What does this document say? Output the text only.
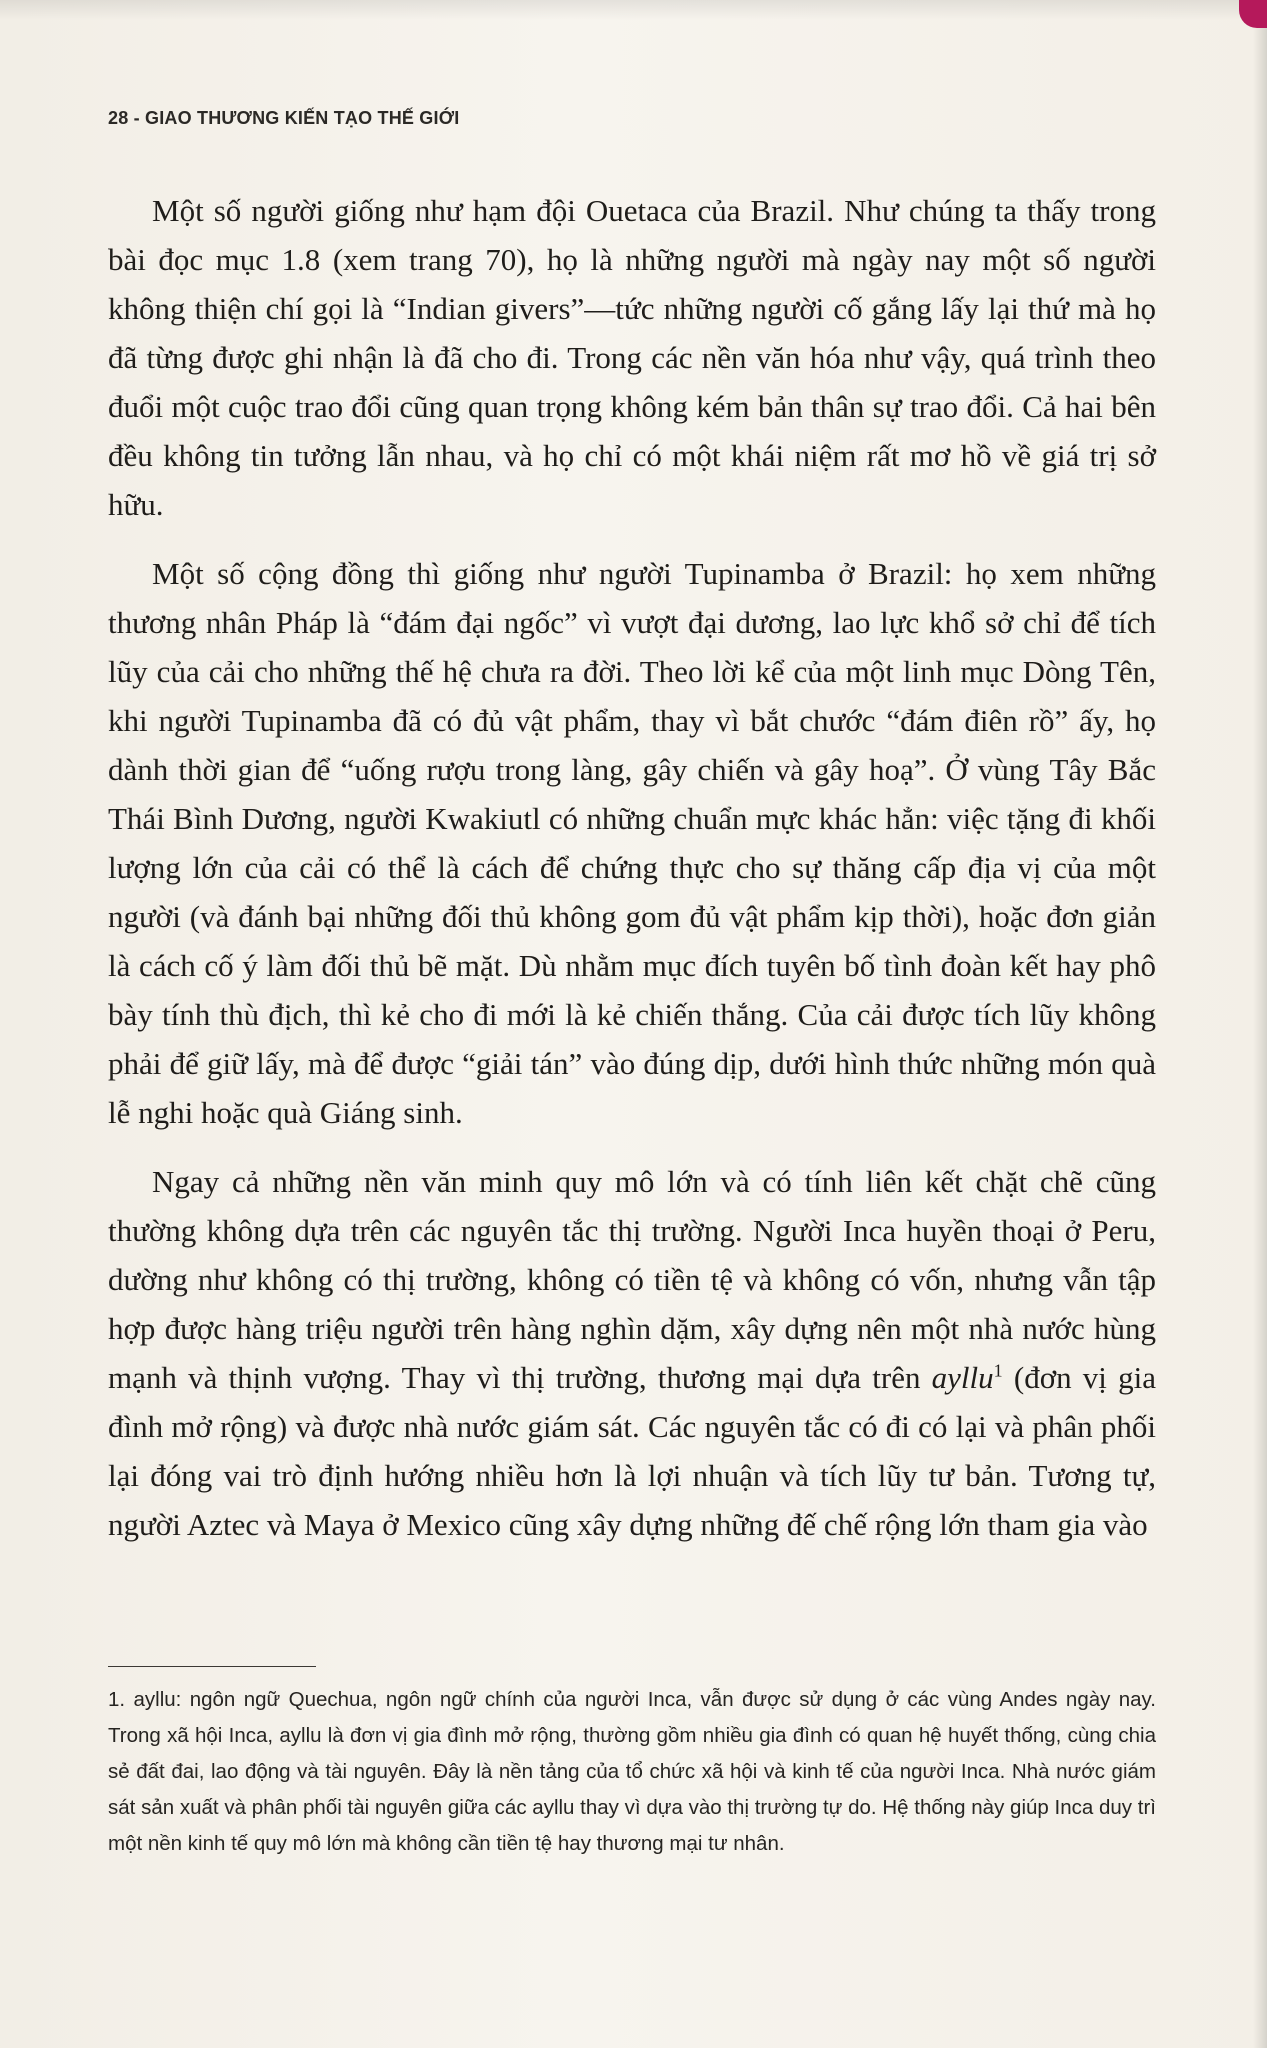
28 - GIAO THƯƠNG KIẾN TẠO THẾ GIỚI

Một số người giống như hạm đội Ouetaca của Brazil. Như chúng ta thấy trong bài đọc mục 1.8 (xem trang 70), họ là những người mà ngày nay một số người không thiện chí gọi là “Indian givers”—tức những người cố gắng lấy lại thứ mà họ đã từng được ghi nhận là đã cho đi. Trong các nền văn hóa như vậy, quá trình theo đuổi một cuộc trao đổi cũng quan trọng không kém bản thân sự trao đổi. Cả hai bên đều không tin tưởng lẫn nhau, và họ chỉ có một khái niệm rất mơ hồ về giá trị sở hữu.

Một số cộng đồng thì giống như người Tupinamba ở Brazil: họ xem những thương nhân Pháp là “đám đại ngốc” vì vượt đại dương, lao lực khổ sở chỉ để tích lũy của cải cho những thế hệ chưa ra đời. Theo lời kể của một linh mục Dòng Tên, khi người Tupinamba đã có đủ vật phẩm, thay vì bắt chước “đám điên rồ” ấy, họ dành thời gian để “uống rượu trong làng, gây chiến và gây hoạ”. Ở vùng Tây Bắc Thái Bình Dương, người Kwakiutl có những chuẩn mực khác hẳn: việc tặng đi khối lượng lớn của cải có thể là cách để chứng thực cho sự thăng cấp địa vị của một người (và đánh bại những đối thủ không gom đủ vật phẩm kịp thời), hoặc đơn giản là cách cố ý làm đối thủ bẽ mặt. Dù nhằm mục đích tuyên bố tình đoàn kết hay phô bày tính thù địch, thì kẻ cho đi mới là kẻ chiến thắng. Của cải được tích lũy không phải để giữ lấy, mà để được “giải tán” vào đúng dịp, dưới hình thức những món quà lễ nghi hoặc quà Giáng sinh.

Ngay cả những nền văn minh quy mô lớn và có tính liên kết chặt chẽ cũng thường không dựa trên các nguyên tắc thị trường. Người Inca huyền thoại ở Peru, dường như không có thị trường, không có tiền tệ và không có vốn, nhưng vẫn tập hợp được hàng triệu người trên hàng nghìn dặm, xây dựng nên một nhà nước hùng mạnh và thịnh vượng. Thay vì thị trường, thương mại dựa trên ayllu$^1$ (đơn vị gia đình mở rộng) và được nhà nước giám sát. Các nguyên tắc có đi có lại và phân phối lại đóng vai trò định hướng nhiều hơn là lợi nhuận và tích lũy tư bản. Tương tự, người Aztec và Maya ở Mexico cũng xây dựng những đế chế rộng lớn tham gia vào

1. ayllu: ngôn ngữ Quechua, ngôn ngữ chính của người Inca, vẫn được sử dụng ở các vùng Andes ngày nay. Trong xã hội Inca, ayllu là đơn vị gia đình mở rộng, thường gồm nhiều gia đình có quan hệ huyết thống, cùng chia sẻ đất đai, lao động và tài nguyên. Đây là nền tảng của tổ chức xã hội và kinh tế của người Inca. Nhà nước giám sát sản xuất và phân phối tài nguyên giữa các ayllu thay vì dựa vào thị trường tự do. Hệ thống này giúp Inca duy trì một nền kinh tế quy mô lớn mà không cần tiền tệ hay thương mại tư nhân.
